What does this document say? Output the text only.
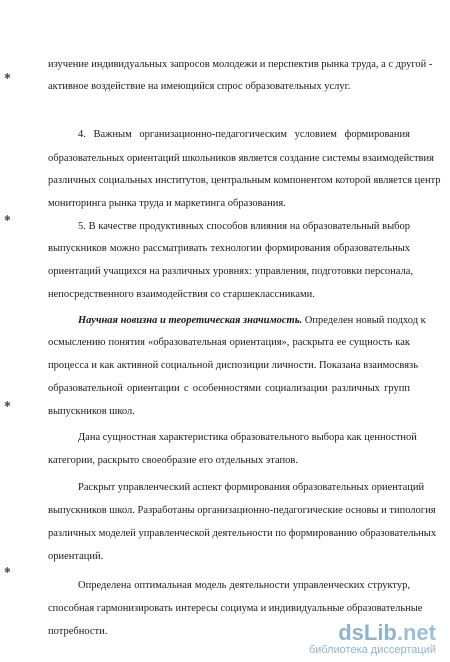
✱
✱
✱
✱
изучение индивидуальных запросов молодежи и перспектив рынка труда, а с другой -
активное воздействие на имеющийся спрос образовательных услуг.
4. Важным организационно-педагогическим условием формирования
образовательных ориентаций школьников является создание системы взаимодействия
различных социальных институтов, центральным компонентом которой является центр
мониторинга рынка труда и маркетинга образования.
5. В качестве продуктивных способов влияния на образовательный выбор
выпускников можно рассматривать технологии формирования образовательных
ориентаций учащихся на различных уровнях: управления, подготовки персонала,
непосредственного взаимодействия со старшеклассниками.
Научная новизна и теоретическая значимость. Определен новый подход к
осмыслению понятия «образовательная ориентация», раскрыта ее сущность как
процесса и как активной социальной диспозиции личности. Показана взаимосвязь
образовательной ориентации с особенностями социализации различных групп
выпускников школ.
Дана сущностная характеристика образовательного выбора как ценностной
категории, раскрыто своеобразие его отдельных этапов.
Раскрыт управленческий аспект формирования образовательных ориентаций
выпускников школ. Разработаны организационно-педагогические основы и типология
различных моделей управленческой деятельности по формированию образовательных
ориентаций.
Определена оптимальная модель деятельности управленческих структур,
способная гармонизировать интересы социума и индивидуальные образовательные
потребности.	dsLib.net
библиотека диссертаций
